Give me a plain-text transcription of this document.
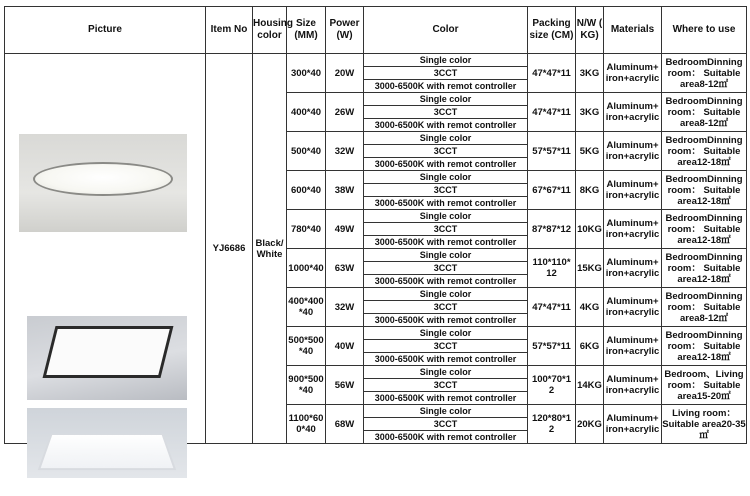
Picture	Item No	Housing color	Size (MM)	Power (W)	Color	Packing size (CM)	N/W ( KG)	Materials	Where to use

	YJ6686	Black/ White	300*40	20W	Single color	47*47*11	3KG	Aluminum+ iron+acrylic	BedroomDinning room： Suitable area8-12㎡
					3CCT				
					3000-6500K with remot controller				
			400*40	26W	Single color	47*47*11	3KG	Aluminum+ iron+acrylic	BedroomDinning room： Suitable area8-12㎡
					3CCT				
					3000-6500K with remot controller				
			500*40	32W	Single color	57*57*11	5KG	Aluminum+ iron+acrylic	BedroomDinning room： Suitable area12-18㎡
					3CCT				
					3000-6500K with remot controller				
			600*40	38W	Single color	67*67*11	8KG	Aluminum+ iron+acrylic	BedroomDinning room： Suitable area12-18㎡
					3CCT				
					3000-6500K with remot controller				
			780*40	49W	Single color	87*87*12	10KG	Aluminum+ iron+acrylic	BedroomDinning room： Suitable area12-18㎡
					3CCT				
					3000-6500K with remot controller				
			1000*40	63W	Single color	110*110* 12	15KG	Aluminum+ iron+acrylic	BedroomDinning room： Suitable area12-18㎡
					3CCT				
					3000-6500K with remot controller				
			400*400 *40	32W	Single color	47*47*11	4KG	Aluminum+ iron+acrylic	BedroomDinning room： Suitable area8-12㎡
					3CCT				
					3000-6500K with remot controller				
			500*500 *40	40W	Single color	57*57*11	6KG	Aluminum+ iron+acrylic	BedroomDinning room： Suitable area12-18㎡
					3CCT				
					3000-6500K with remot controller				
			900*500 *40	56W	Single color	100*70*1 2	14KG	Aluminum+ iron+acrylic	Bedroom、Living room： Suitable area15-20㎡
					3CCT				
					3000-6500K with remot controller				
			1100*60 0*40	68W	Single color	120*80*1 2	20KG	Aluminum+ iron+acrylic	Living room： Suitable area20-35 ㎡
					3CCT				
					3000-6500K with remot controller				
